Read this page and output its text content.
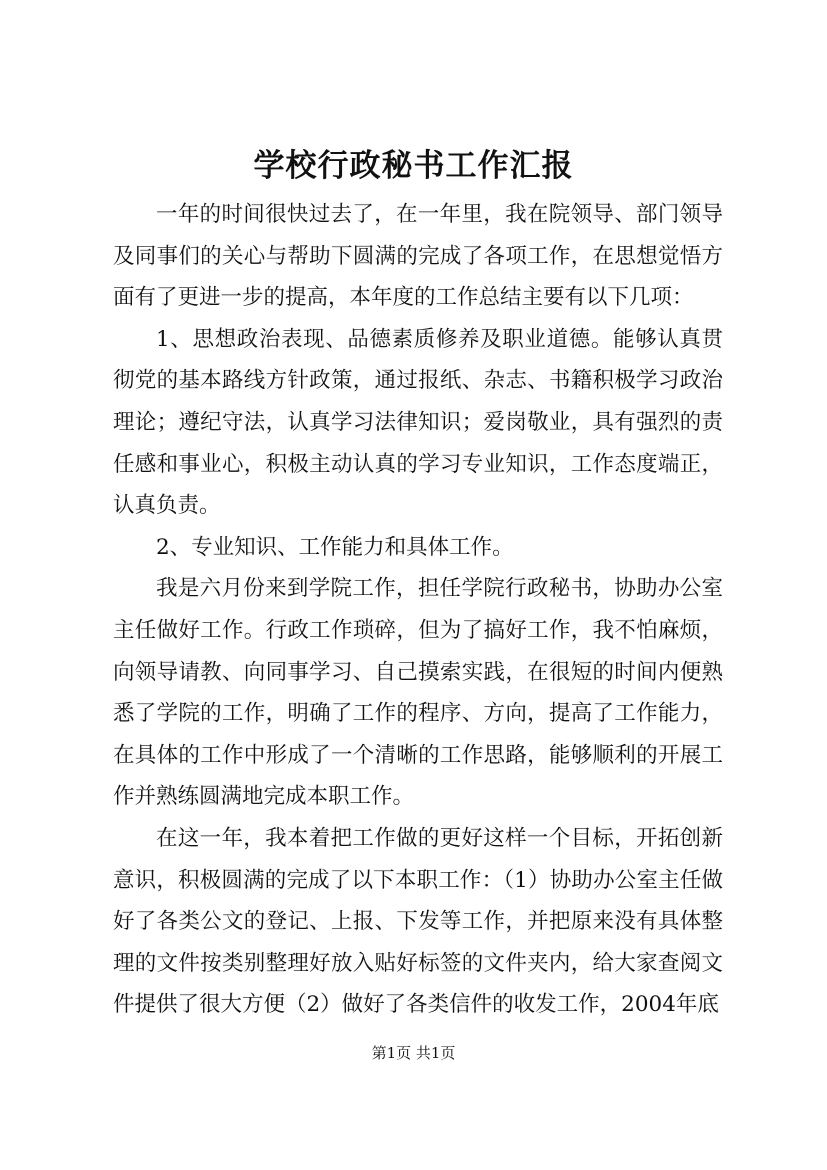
学校行政秘书工作汇报

一年的时间很快过去了，在一年里，我在院领导、部门领导及同事们的关心与帮助下圆满的完成了各项工作，在思想觉悟方面有了更进一步的提高，本年度的工作总结主要有以下几项：

1、思想政治表现、品德素质修养及职业道德。能够认真贯彻党的基本路线方针政策，通过报纸、杂志、书籍积极学习政治理论；遵纪守法，认真学习法律知识；爱岗敬业，具有强烈的责任感和事业心，积极主动认真的学习专业知识，工作态度端正，认真负责。

2、专业知识、工作能力和具体工作。

我是六月份来到学院工作，担任学院行政秘书，协助办公室主任做好工作。行政工作琐碎，但为了搞好工作，我不怕麻烦，向领导请教、向同事学习、自己摸索实践，在很短的时间内便熟悉了学院的工作，明确了工作的程序、方向，提高了工作能力，在具体的工作中形成了一个清晰的工作思路，能够顺利的开展工作并熟练圆满地完成本职工作。

在这一年，我本着把工作做的更好这样一个目标，开拓创新意识，积极圆满的完成了以下本职工作：（1）协助办公室主任做好了各类公文的登记、上报、下发等工作，并把原来没有具体整理的文件按类别整理好放入贴好标签的文件夹内，给大家查阅文件提供了很大方便（2）做好了各类信件的收发工作，2004年底

第1页 共1页
